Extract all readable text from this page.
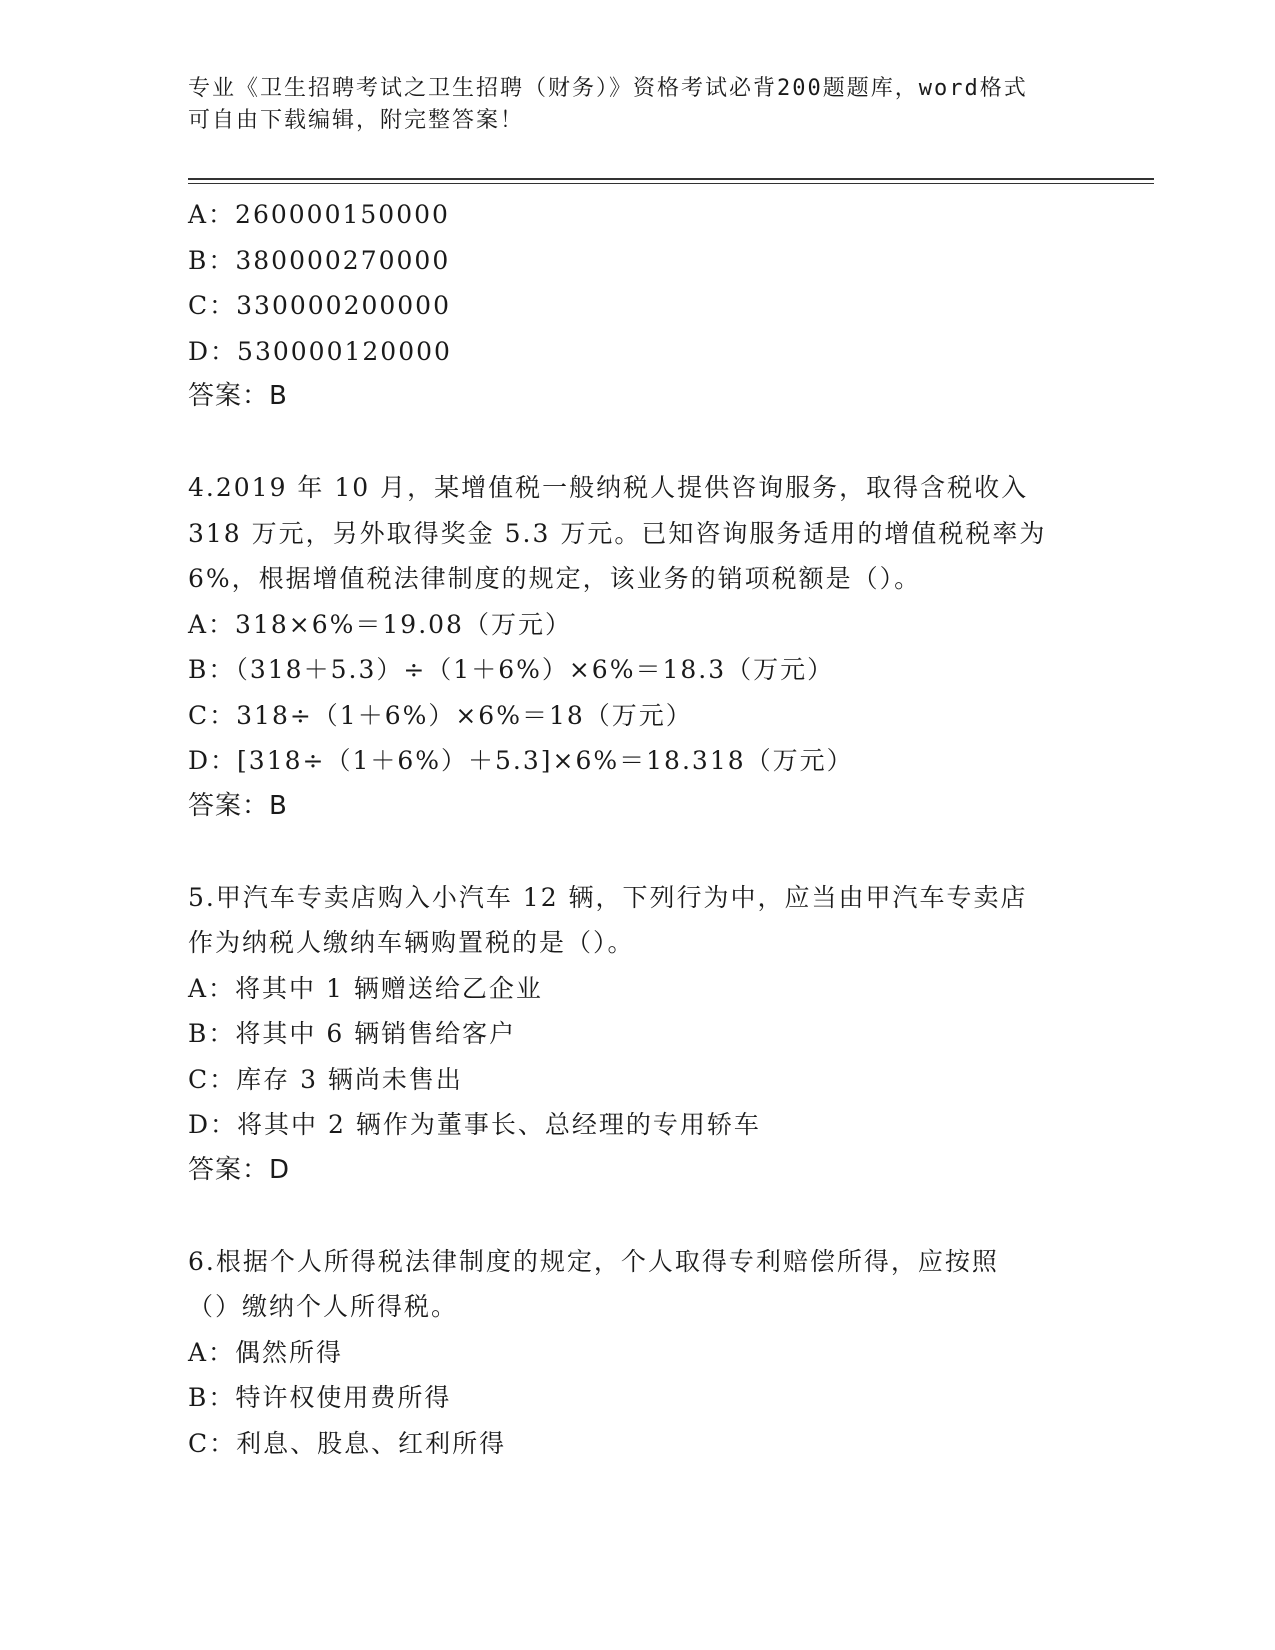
专业《卫生招聘考试之卫生招聘（财务）》资格考试必背200题题库，word格式
可自由下载编辑，附完整答案！
A：260000150000
B：380000270000
C：330000200000
D：530000120000
答案：B
4.2019 年 10 月，某增值税一般纳税人提供咨询服务，取得含税收入
318 万元，另外取得奖金 5.3 万元。已知咨询服务适用的增值税税率为
6%，根据增值税法律制度的规定，该业务的销项税额是（）。
A：318×6%＝19.08（万元）
B：（318＋5.3）÷（1＋6%）×6%＝18.3（万元）
C：318÷（1＋6%）×6%＝18（万元）
D：[318÷（1＋6%）＋5.3]×6%＝18.318（万元）
答案：B
5.甲汽车专卖店购入小汽车 12 辆，下列行为中，应当由甲汽车专卖店
作为纳税人缴纳车辆购置税的是（）。
A：将其中 1 辆赠送给乙企业
B：将其中 6 辆销售给客户
C：库存 3 辆尚未售出
D：将其中 2 辆作为董事长、总经理的专用轿车
答案：D
6.根据个人所得税法律制度的规定，个人取得专利赔偿所得，应按照
（）缴纳个人所得税。
A：偶然所得
B：特许权使用费所得
C：利息、股息、红利所得
